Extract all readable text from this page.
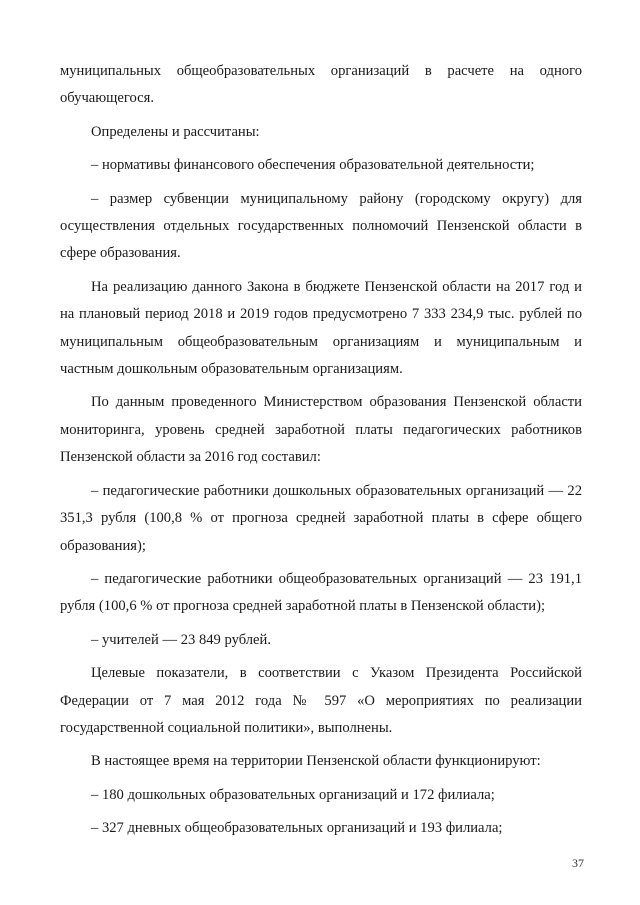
муниципальных общеобразовательных организаций в расчете на одного обучающегося.

Определены и рассчитаны:

– нормативы финансового обеспечения образовательной деятельности;

– размер субвенции муниципальному району (городскому округу) для осуществления отдельных государственных полномочий Пензенской области в сфере образования.

На реализацию данного Закона в бюджете Пензенской области на 2017 год и на плановый период 2018 и 2019 годов предусмотрено 7 333 234,9 тыс. рублей по муниципальным общеобразовательным организациям и муниципальным и частным дошкольным образовательным организациям.

По данным проведенного Министерством образования Пензенской области мониторинга, уровень средней заработной платы педагогических работников Пензенской области за 2016 год составил:

– педагогические работники дошкольных образовательных организаций — 22 351,3 рубля (100,8 % от прогноза средней заработной платы в сфере общего образования);

– педагогические работники общеобразовательных организаций — 23 191,1 рубля (100,6 % от прогноза средней заработной платы в Пензенской области);

– учителей — 23 849 рублей.

Целевые показатели, в соответствии с Указом Президента Российской Федерации от 7 мая 2012 года № 597 «О мероприятиях по реализации государственной социальной политики», выполнены.

В настоящее время на территории Пензенской области функционируют:

– 180 дошкольных образовательных организаций и 172 филиала;

– 327 дневных общеобразовательных организаций и 193 филиала;

37
